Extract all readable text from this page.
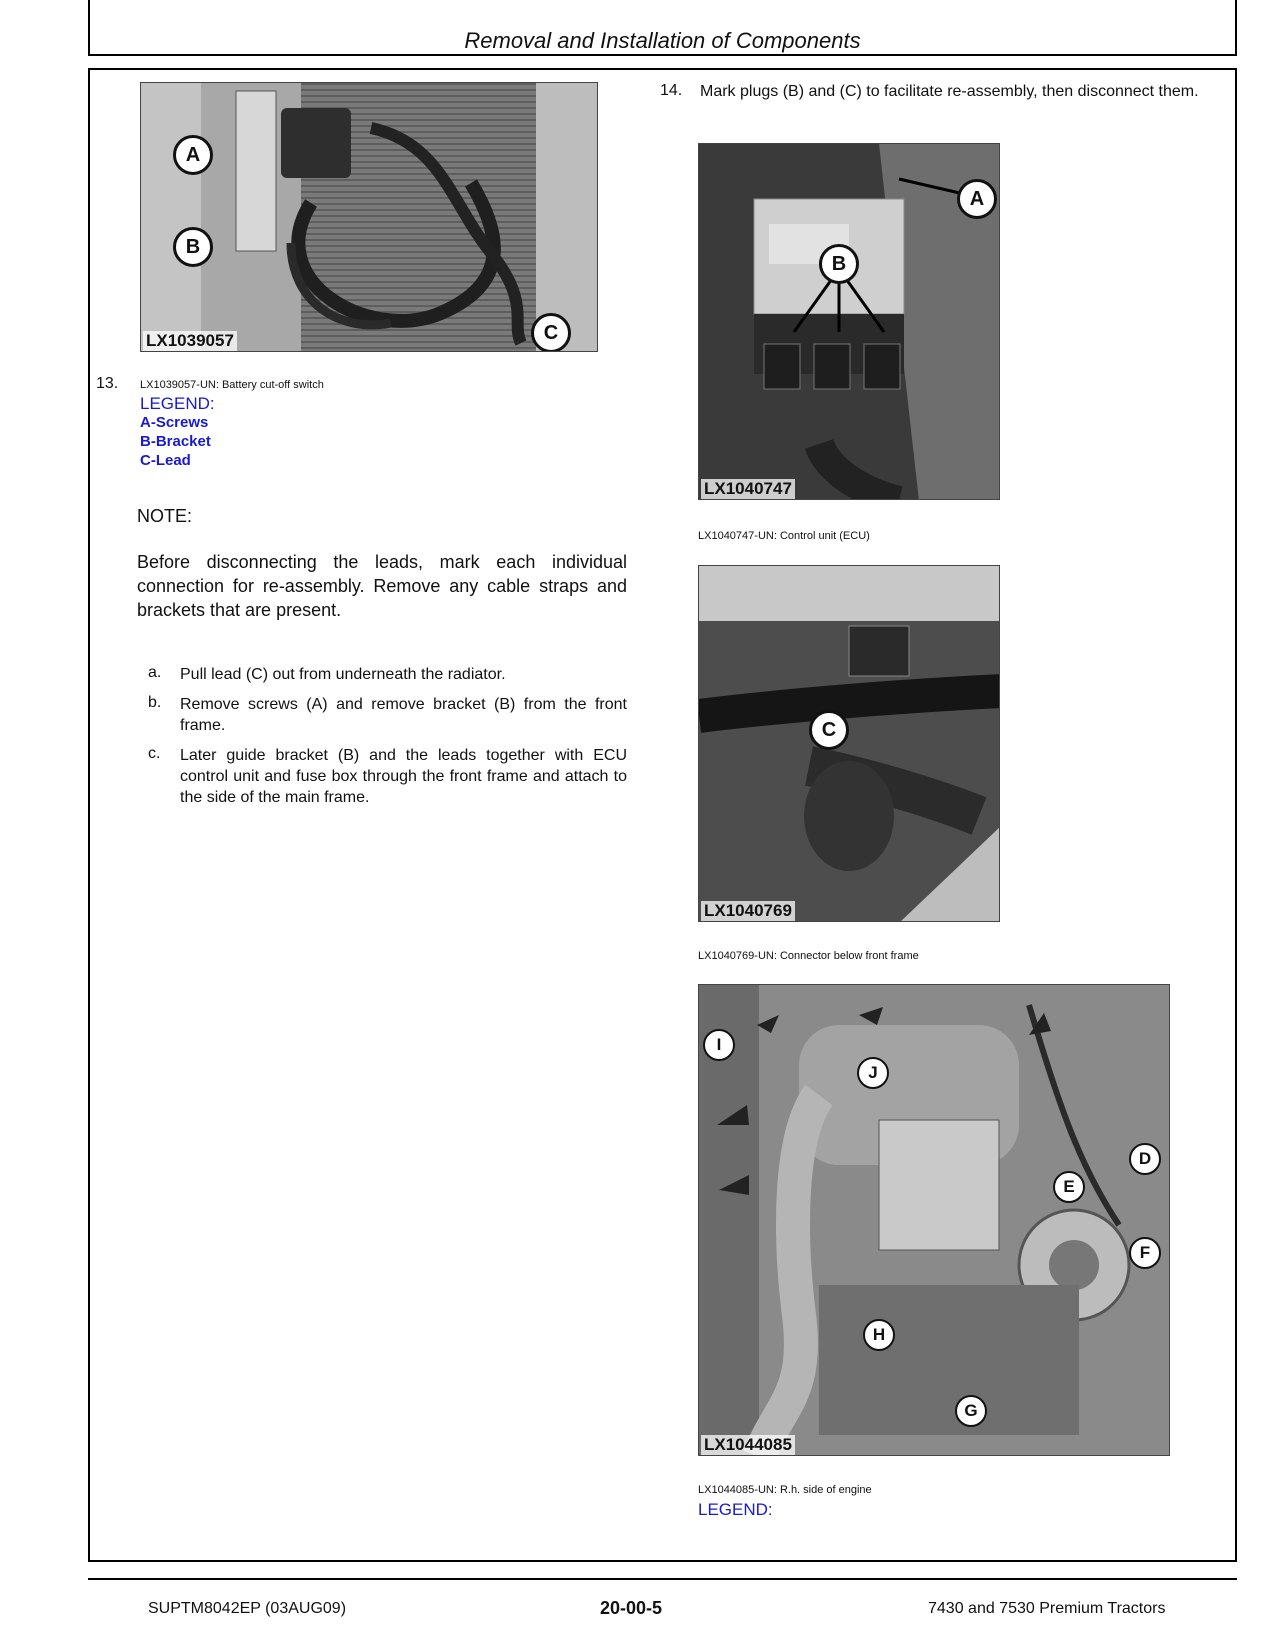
Removal and Installation of Components
A
B
C
LX1039057
13. LX1039057-UN: Battery cut-off switch
LEGEND:
A-Screws
B-Bracket
C-Lead
NOTE:
Before disconnecting the leads, mark each individual connection for re-assembly. Remove any cable straps and brackets that are present.
a. Pull lead (C) out from underneath the radiator.
b. Remove screws (A) and remove bracket (B) from the front frame.
c. Later guide bracket (B) and the leads together with ECU control unit and fuse box through the front frame and attach to the side of the main frame.
14. Mark plugs (B) and (C) to facilitate re-assembly, then disconnect them.
A
B
LX1040747
LX1040747-UN: Control unit (ECU)
C
LX1040769
LX1040769-UN: Connector below front frame
I
J
D
E
F
H
G
LX1044085
LX1044085-UN: R.h. side of engine
LEGEND:
SUPTM8042EP (03AUG09)	20-00-5	7430 and 7530 Premium Tractors
